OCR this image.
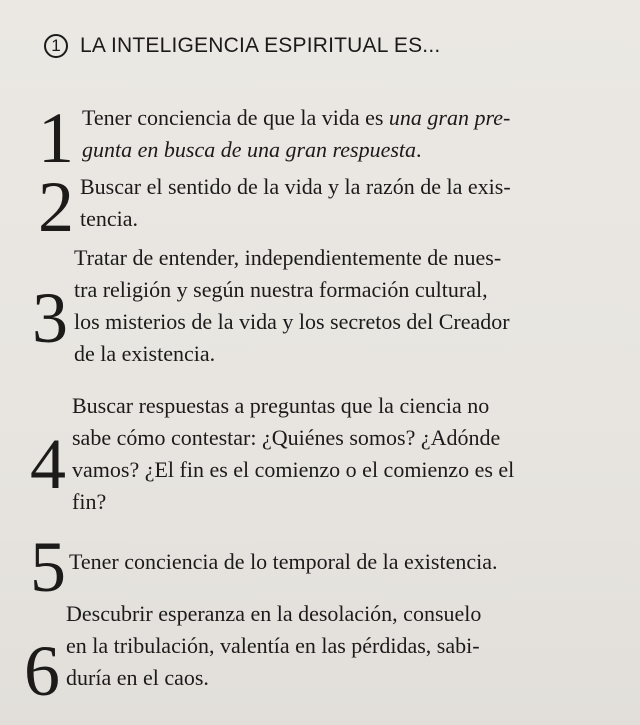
1 LA INTELIGENCIA ESPIRITUAL ES...
1 Tener conciencia de que la vida es una gran pre-
gunta en busca de una gran respuesta.
2 Buscar el sentido de la vida y la razón de la exis-
tencia.
3
Tratar de entender, independientemente de nues-
tra religión y según nuestra formación cultural,
los misterios de la vida y los secretos del Creador
de la existencia.
4
Buscar respuestas a preguntas que la ciencia no
sabe cómo contestar: ¿Quiénes somos? ¿Adónde
vamos? ¿El fin es el comienzo o el comienzo es el
fin?
5 Tener conciencia de lo temporal de la existencia.
6
Descubrir esperanza en la desolación, consuelo
en la tribulación, valentía en las pérdidas, sabi-
duría en el caos.
